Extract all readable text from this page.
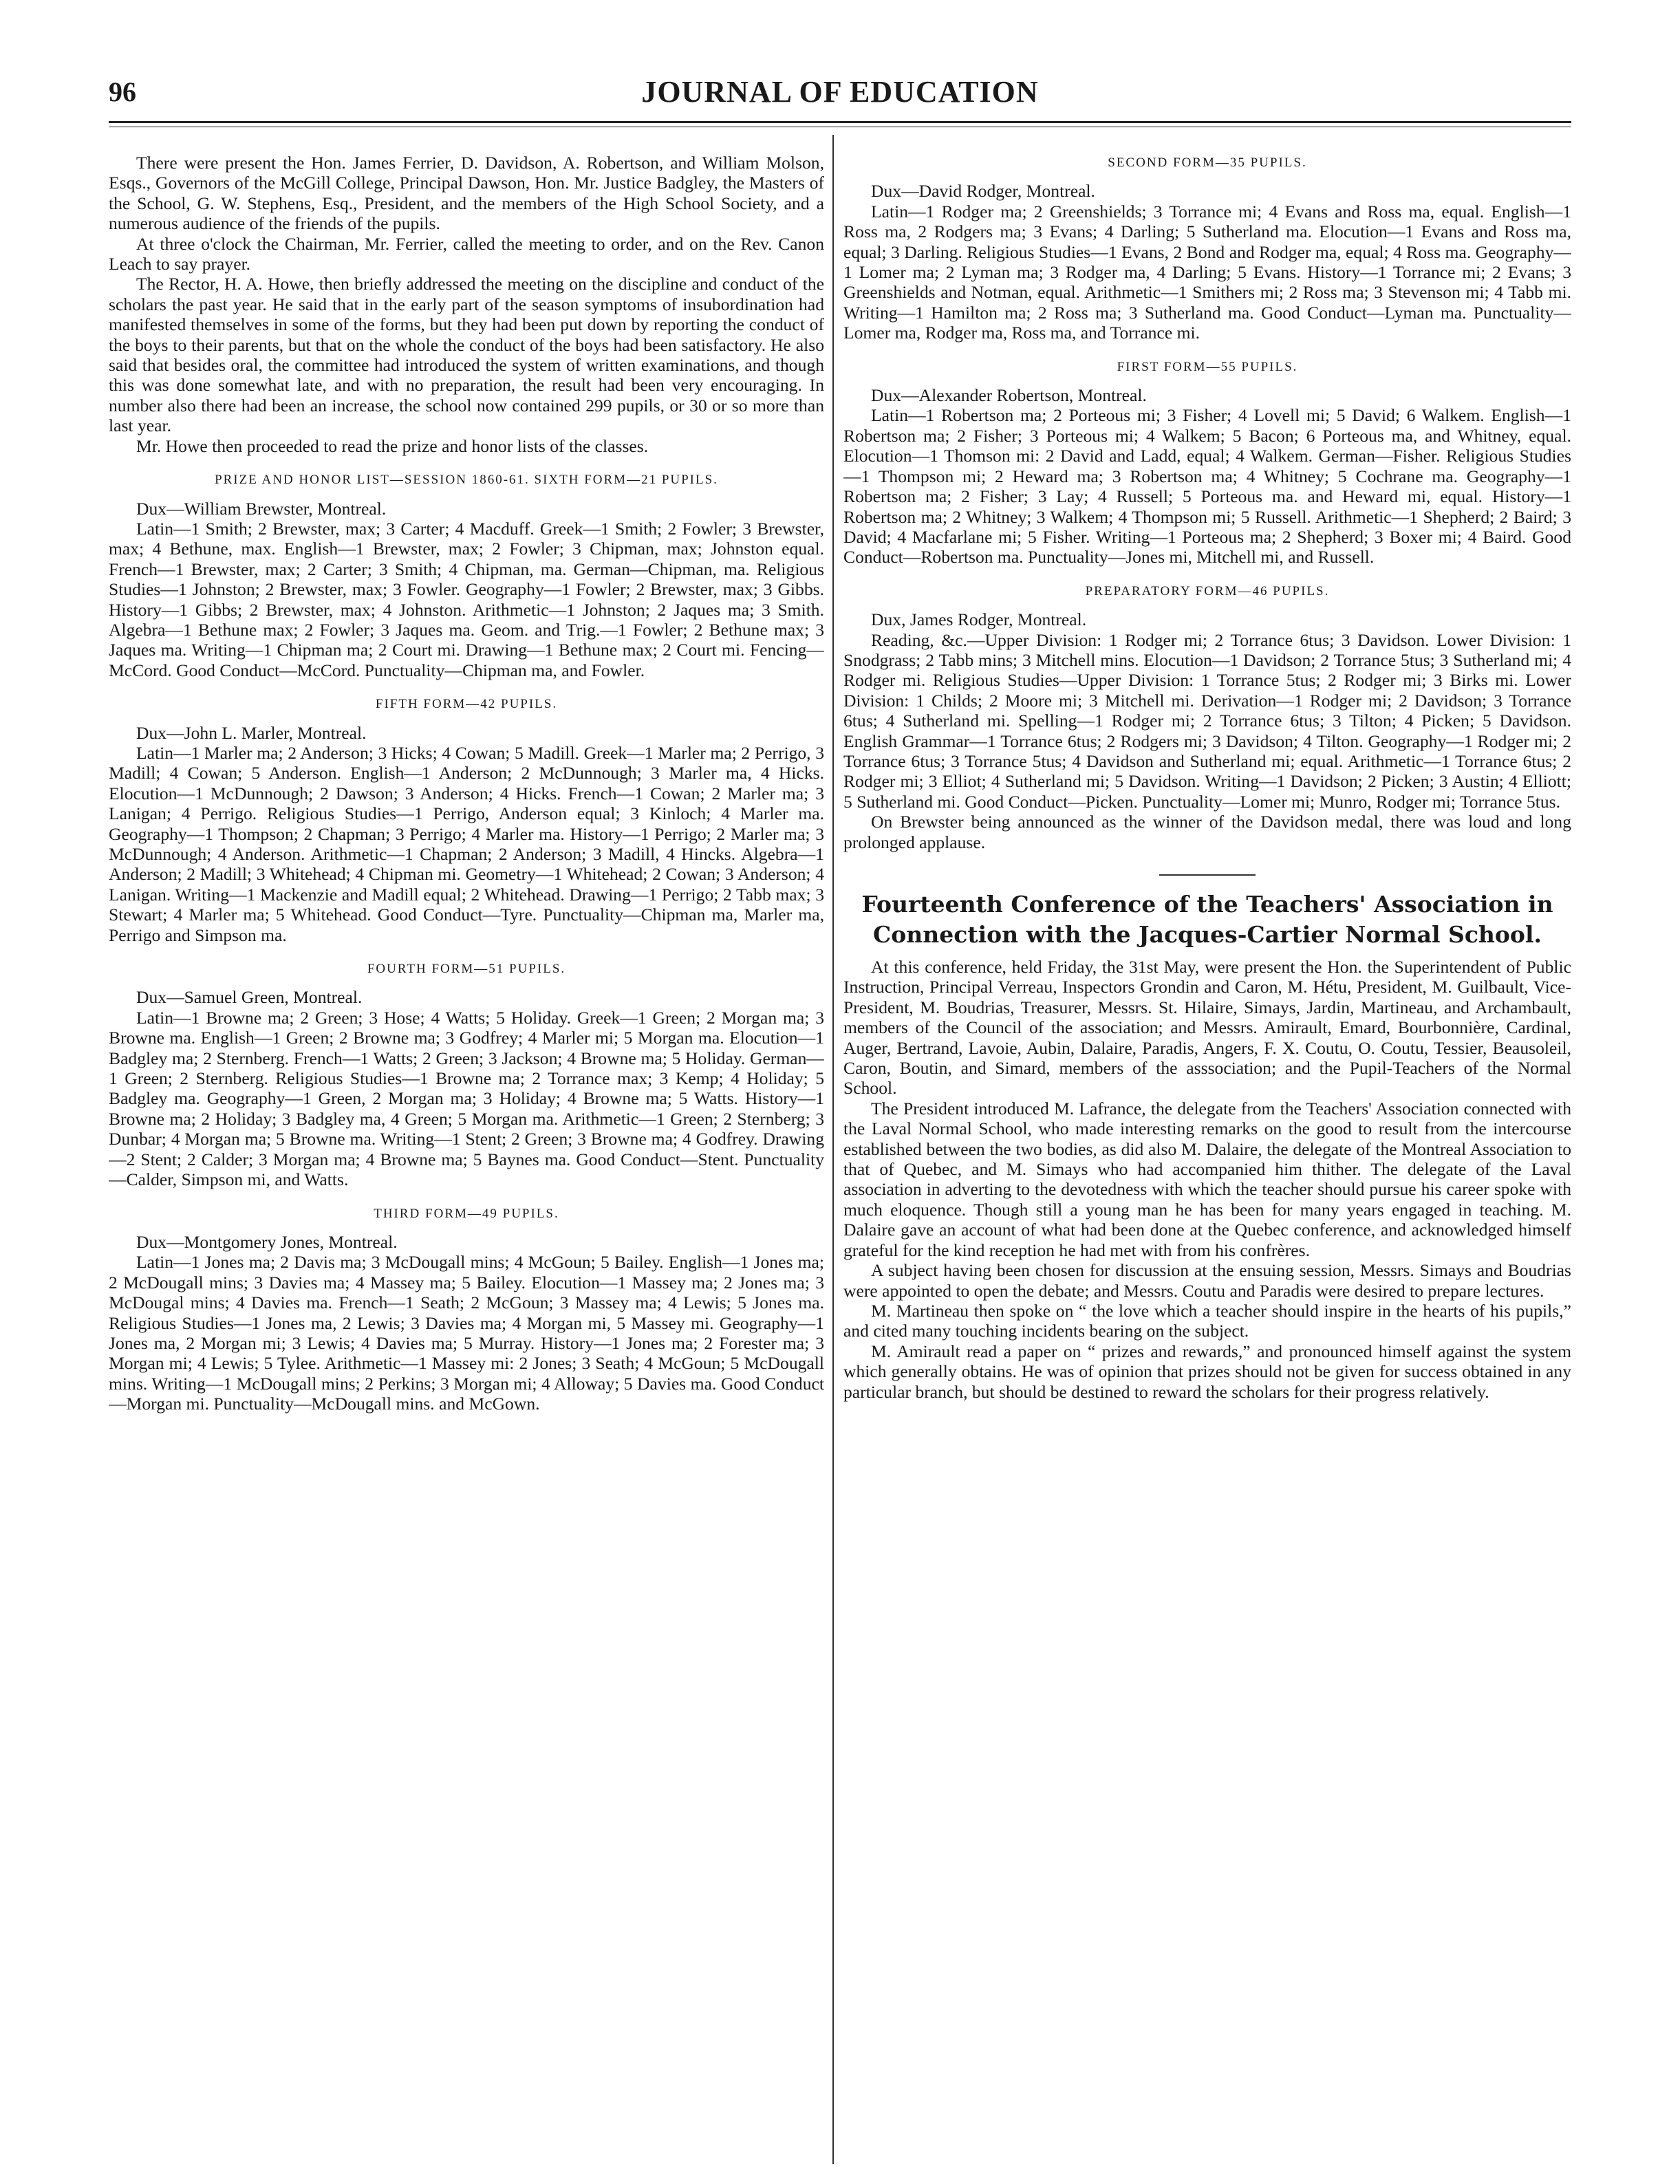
96	JOURNAL OF EDUCATION

There were present the Hon. James Ferrier, D. Davidson, A. Robertson, and William Molson, Esqs., Governors of the McGill College, Principal Dawson, Hon. Mr. Justice Badgley, the Masters of the School, G. W. Stephens, Esq., President, and the members of the High School Society, and a numerous audience of the friends of the pupils.

At three o'clock the Chairman, Mr. Ferrier, called the meeting to order, and on the Rev. Canon Leach to say prayer.

The Rector, H. A. Howe, then briefly addressed the meeting on the discipline and conduct of the scholars the past year. He said that in the early part of the season symptoms of insubordination had manifested themselves in some of the forms, but they had been put down by reporting the conduct of the boys to their parents, but that on the whole the conduct of the boys had been satisfactory. He also said that besides oral, the committee had introduced the system of written examinations, and though this was done somewhat late, and with no preparation, the result had been very encouraging. In number also there had been an increase, the school now contained 299 pupils, or 30 or so more than last year.

Mr. Howe then proceeded to read the prize and honor lists of the classes.

PRIZE AND HONOR LIST—SESSION 1860-61. SIXTH FORM—21 PUPILS.

Dux—William Brewster, Montreal.

Latin—1 Smith; 2 Brewster, max; 3 Carter; 4 Macduff. Greek—1 Smith; 2 Fowler; 3 Brewster, max; 4 Bethune, max. English—1 Brewster, max; 2 Fowler; 3 Chipman, max; Johnston equal. French—1 Brewster, max; 2 Carter; 3 Smith; 4 Chipman, ma. German—Chipman, ma. Religious Studies—1 Johnston; 2 Brewster, max; 3 Fowler. Geography—1 Fowler; 2 Brewster, max; 3 Gibbs. History—1 Gibbs; 2 Brewster, max; 4 Johnston. Arithmetic—1 Johnston; 2 Jaques ma; 3 Smith. Algebra—1 Bethune max; 2 Fowler; 3 Jaques ma. Geom. and Trig.—1 Fowler; 2 Bethune max; 3 Jaques ma. Writing—1 Chipman ma; 2 Court mi. Drawing—1 Bethune max; 2 Court mi. Fencing—McCord. Good Conduct—McCord. Punctuality—Chipman ma, and Fowler.

FIFTH FORM—42 PUPILS.

Dux—John L. Marler, Montreal.

Latin—1 Marler ma; 2 Anderson; 3 Hicks; 4 Cowan; 5 Madill. Greek—1 Marler ma; 2 Perrigo, 3 Madill; 4 Cowan; 5 Anderson. English—1 Anderson; 2 McDunnough; 3 Marler ma, 4 Hicks. Elocution—1 McDunnough; 2 Dawson; 3 Anderson; 4 Hicks. French—1 Cowan; 2 Marler ma; 3 Lanigan; 4 Perrigo. Religious Studies—1 Perrigo, Anderson equal; 3 Kinloch; 4 Marler ma. Geography—1 Thompson; 2 Chapman; 3 Perrigo; 4 Marler ma. History—1 Perrigo; 2 Marler ma; 3 McDunnough; 4 Anderson. Arithmetic—1 Chapman; 2 Anderson; 3 Madill, 4 Hincks. Algebra—1 Anderson; 2 Madill; 3 Whitehead; 4 Chipman mi. Geometry—1 Whitehead; 2 Cowan; 3 Anderson; 4 Lanigan. Writing—1 Mackenzie and Madill equal; 2 Whitehead. Drawing—1 Perrigo; 2 Tabb max; 3 Stewart; 4 Marler ma; 5 Whitehead. Good Conduct—Tyre. Punctuality—Chipman ma, Marler ma, Perrigo and Simpson ma.

FOURTH FORM—51 PUPILS.

Dux—Samuel Green, Montreal.

Latin—1 Browne ma; 2 Green; 3 Hose; 4 Watts; 5 Holiday. Greek—1 Green; 2 Morgan ma; 3 Browne ma. English—1 Green; 2 Browne ma; 3 Godfrey; 4 Marler mi; 5 Morgan ma. Elocution—1 Badgley ma; 2 Sternberg. French—1 Watts; 2 Green; 3 Jackson; 4 Browne ma; 5 Holiday. German—1 Green; 2 Sternberg. Religious Studies—1 Browne ma; 2 Torrance max; 3 Kemp; 4 Holiday; 5 Badgley ma. Geography—1 Green, 2 Morgan ma; 3 Holiday; 4 Browne ma; 5 Watts. History—1 Browne ma; 2 Holiday; 3 Badgley ma, 4 Green; 5 Morgan ma. Arithmetic—1 Green; 2 Sternberg; 3 Dunbar; 4 Morgan ma; 5 Browne ma. Writing—1 Stent; 2 Green; 3 Browne ma; 4 Godfrey. Drawing—2 Stent; 2 Calder; 3 Morgan ma; 4 Browne ma; 5 Baynes ma. Good Conduct—Stent. Punctuality—Calder, Simpson mi, and Watts.

THIRD FORM—49 PUPILS.

Dux—Montgomery Jones, Montreal.

Latin—1 Jones ma; 2 Davis ma; 3 McDougall mins; 4 McGoun; 5 Bailey. English—1 Jones ma; 2 McDougall mins; 3 Davies ma; 4 Massey ma; 5 Bailey. Elocution—1 Massey ma; 2 Jones ma; 3 McDougal mins; 4 Davies ma. French—1 Seath; 2 McGoun; 3 Massey ma; 4 Lewis; 5 Jones ma. Religious Studies—1 Jones ma, 2 Lewis; 3 Davies ma; 4 Morgan mi, 5 Massey mi. Geography—1 Jones ma, 2 Morgan mi; 3 Lewis; 4 Davies ma; 5 Murray. History—1 Jones ma; 2 Forester ma; 3 Morgan mi; 4 Lewis; 5 Tylee. Arithmetic—1 Massey mi: 2 Jones; 3 Seath; 4 McGoun; 5 McDougall mins. Writing—1 McDougall mins; 2 Perkins; 3 Morgan mi; 4 Alloway; 5 Davies ma. Good Conduct—Morgan mi. Punctuality—McDougall mins. and McGown.

SECOND FORM—35 PUPILS.

Dux—David Rodger, Montreal.

Latin—1 Rodger ma; 2 Greenshields; 3 Torrance mi; 4 Evans and Ross ma, equal. English—1 Ross ma, 2 Rodgers ma; 3 Evans; 4 Darling; 5 Sutherland ma. Elocution—1 Evans and Ross ma, equal; 3 Darling. Religious Studies—1 Evans, 2 Bond and Rodger ma, equal; 4 Ross ma. Geography—1 Lomer ma; 2 Lyman ma; 3 Rodger ma, 4 Darling; 5 Evans. History—1 Torrance mi; 2 Evans; 3 Greenshields and Notman, equal. Arithmetic—1 Smithers mi; 2 Ross ma; 3 Stevenson mi; 4 Tabb mi. Writing—1 Hamilton ma; 2 Ross ma; 3 Sutherland ma. Good Conduct—Lyman ma. Punctuality—Lomer ma, Rodger ma, Ross ma, and Torrance mi.

FIRST FORM—55 PUPILS.

Dux—Alexander Robertson, Montreal.

Latin—1 Robertson ma; 2 Porteous mi; 3 Fisher; 4 Lovell mi; 5 David; 6 Walkem. English—1 Robertson ma; 2 Fisher; 3 Porteous mi; 4 Walkem; 5 Bacon; 6 Porteous ma, and Whitney, equal. Elocution—1 Thomson mi: 2 David and Ladd, equal; 4 Walkem. German—Fisher. Religious Studies—1 Thompson mi; 2 Heward ma; 3 Robertson ma; 4 Whitney; 5 Cochrane ma. Geography—1 Robertson ma; 2 Fisher; 3 Lay; 4 Russell; 5 Porteous ma. and Heward mi, equal. History—1 Robertson ma; 2 Whitney; 3 Walkem; 4 Thompson mi; 5 Russell. Arithmetic—1 Shepherd; 2 Baird; 3 David; 4 Macfarlane mi; 5 Fisher. Writing—1 Porteous ma; 2 Shepherd; 3 Boxer mi; 4 Baird. Good Conduct—Robertson ma. Punctuality—Jones mi, Mitchell mi, and Russell.

PREPARATORY FORM—46 PUPILS.

Dux, James Rodger, Montreal.

Reading, &c.—Upper Division: 1 Rodger mi; 2 Torrance 6tus; 3 Davidson. Lower Division: 1 Snodgrass; 2 Tabb mins; 3 Mitchell mins. Elocution—1 Davidson; 2 Torrance 5tus; 3 Sutherland mi; 4 Rodger mi. Religious Studies—Upper Division: 1 Torrance 5tus; 2 Rodger mi; 3 Birks mi. Lower Division: 1 Childs; 2 Moore mi; 3 Mitchell mi. Derivation—1 Rodger mi; 2 Davidson; 3 Torrance 6tus; 4 Sutherland mi. Spelling—1 Rodger mi; 2 Torrance 6tus; 3 Tilton; 4 Picken; 5 Davidson. English Grammar—1 Torrance 6tus; 2 Rodgers mi; 3 Davidson; 4 Tilton. Geography—1 Rodger mi; 2 Torrance 6tus; 3 Torrance 5tus; 4 Davidson and Sutherland mi; equal. Arithmetic—1 Torrance 6tus; 2 Rodger mi; 3 Elliot; 4 Sutherland mi; 5 Davidson. Writing—1 Davidson; 2 Picken; 3 Austin; 4 Elliott; 5 Sutherland mi. Good Conduct—Picken. Punctuality—Lomer mi; Munro, Rodger mi; Torrance 5tus.

On Brewster being announced as the winner of the Davidson medal, there was loud and long prolonged applause.

Fourteenth Conference of the Teachers' Association in Connection with the Jacques-Cartier Normal School.

At this conference, held Friday, the 31st May, were present the Hon. the Superintendent of Public Instruction, Principal Verreau, Inspectors Grondin and Caron, M. Hétu, President, M. Guilbault, Vice-President, M. Boudrias, Treasurer, Messrs. St. Hilaire, Simays, Jardin, Martineau, and Archambault, members of the Council of the association; and Messrs. Amirault, Emard, Bourbonnière, Cardinal, Auger, Bertrand, Lavoie, Aubin, Dalaire, Paradis, Angers, F. X. Coutu, O. Coutu, Tessier, Beausoleil, Caron, Boutin, and Simard, members of the asssociation; and the Pupil-Teachers of the Normal School.

The President introduced M. Lafrance, the delegate from the Teachers' Association connected with the Laval Normal School, who made interesting remarks on the good to result from the intercourse established between the two bodies, as did also M. Dalaire, the delegate of the Montreal Association to that of Quebec, and M. Simays who had accompanied him thither. The delegate of the Laval association in adverting to the devotedness with which the teacher should pursue his career spoke with much eloquence. Though still a young man he has been for many years engaged in teaching. M. Dalaire gave an account of what had been done at the Quebec conference, and acknowledged himself grateful for the kind reception he had met with from his confrères.

A subject having been chosen for discussion at the ensuing session, Messrs. Simays and Boudrias were appointed to open the debate; and Messrs. Coutu and Paradis were desired to prepare lectures.

M. Martineau then spoke on “ the love which a teacher should inspire in the hearts of his pupils,” and cited many touching incidents bearing on the subject.

M. Amirault read a paper on “ prizes and rewards,” and pronounced himself against the system which generally obtains. He was of opinion that prizes should not be given for success obtained in any particular branch, but should be destined to reward the scholars for their progress relatively.
